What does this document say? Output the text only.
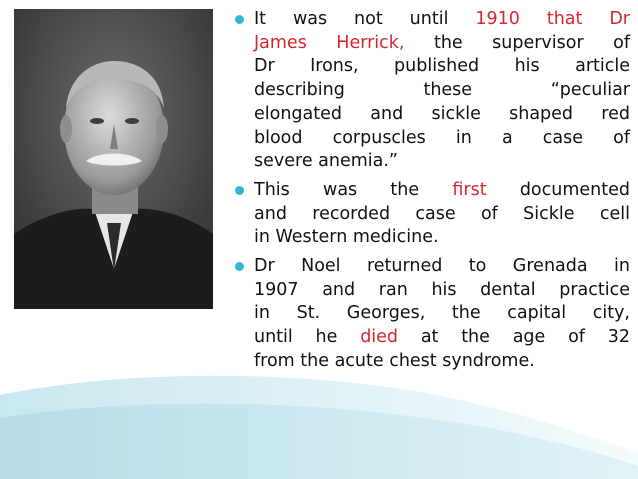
It was not until 1910 that Dr
James Herrick, the supervisor of
Dr Irons, published his article
describing these “peculiar
elongated and sickle shaped red
blood corpuscles in a case of
severe anemia.”
This was the first documented
and recorded case of Sickle cell
in Western medicine.
Dr Noel returned to Grenada in
1907 and ran his dental practice
in St. Georges, the capital city,
until he died at the age of 32
from the acute chest syndrome.
